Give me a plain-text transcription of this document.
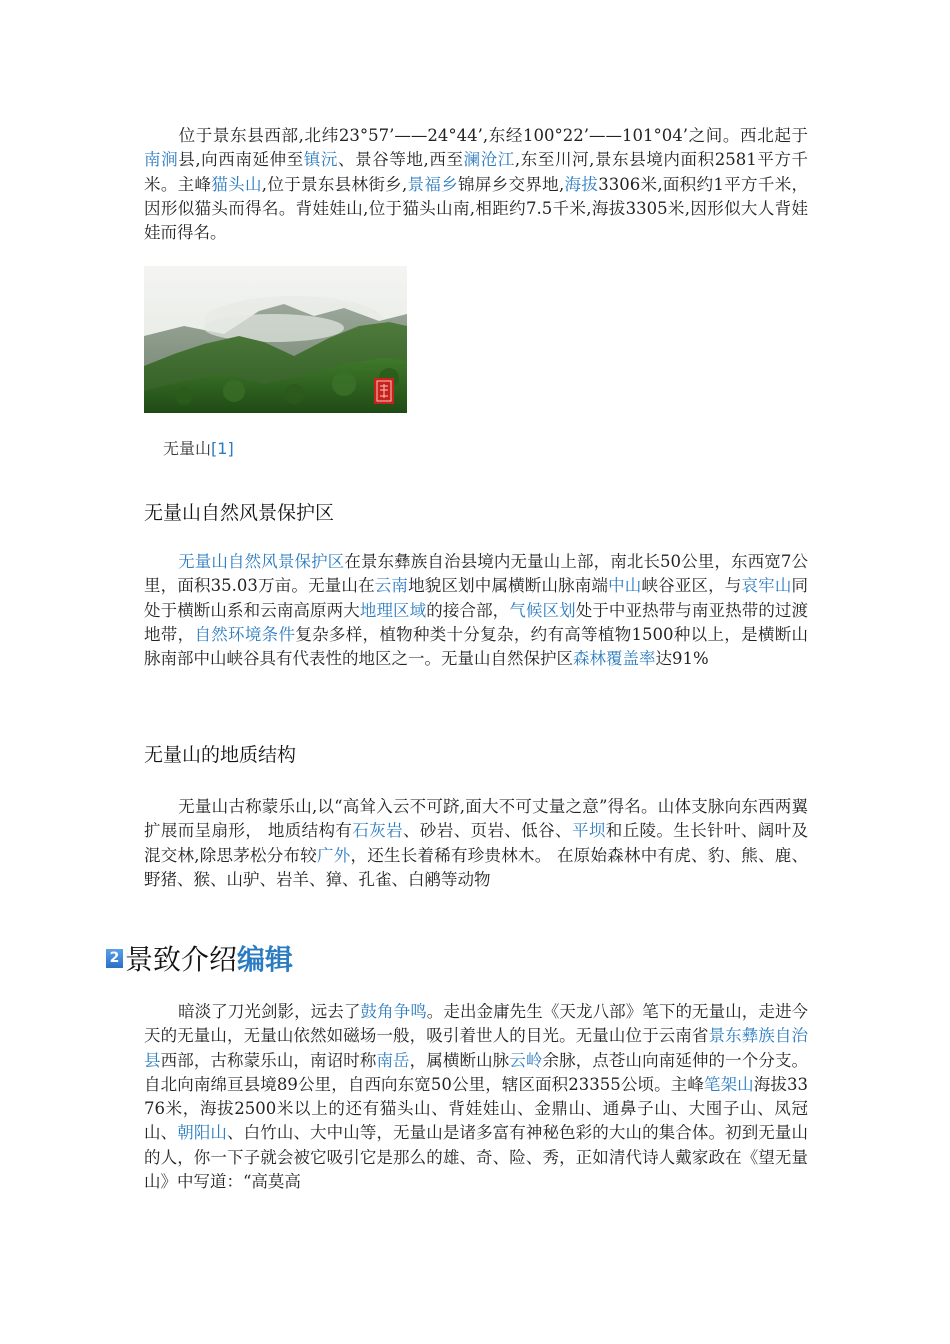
位于景东县西部,北纬23°57’——24°44’,东经100°22’——101°04’之间。西北起于南涧县,向西南延伸至镇沅、景谷等地,西至澜沧江,东至川河,景东县境内面积2581平方千米。主峰猫头山,位于景东县林街乡,景福乡锦屏乡交界地,海拔3306米,面积约1平方千米，因形似猫头而得名。背娃娃山,位于猫头山南,相距约7.5千米,海拔3305米,因形似大人背娃娃而得名。

无量山[1]
无量山自然风景保护区

无量山自然风景保护区在景东彝族自治县境内无量山上部，南北长50公里，东西宽7公里，面积35.03万亩。无量山在云南地貌区划中属横断山脉南端中山峡谷亚区，与哀牢山同处于横断山系和云南高原两大地理区域的接合部，气候区划处于中亚热带与南亚热带的过渡地带，自然环境条件复杂多样，植物种类十分复杂，约有高等植物1500种以上，是横断山脉南部中山峡谷具有代表性的地区之一。无量山自然保护区森林覆盖率达91%

无量山的地质结构

无量山古称蒙乐山,以“高耸入云不可跻,面大不可丈量之意”得名。山体支脉向东西两翼扩展而呈扇形， 地质结构有石灰岩、砂岩、页岩、低谷、平坝和丘陵。生长针叶、阔叶及混交林,除思茅松分布较广外，还生长着稀有珍贵林木。 在原始森林中有虎、豹、熊、鹿、野猪、猴、山驴、岩羊、獐、孔雀、白鹇等动物

2 景致介绍 编辑

暗淡了刀光剑影，远去了鼓角争鸣。走出金庸先生《天龙八部》笔下的无量山，走进今天的无量山，无量山依然如磁场一般，吸引着世人的目光。无量山位于云南省景东彝族自治县西部，古称蒙乐山，南诏时称南岳，属横断山脉云岭余脉，点苍山向南延伸的一个分支。自北向南绵亘县境89公里，自西向东宽50公里，辖区面积23355公顷。主峰笔架山海拔3376米，海拔2500米以上的还有猫头山、背娃娃山、金鼎山、通鼻子山、大囤子山、凤冠山、朝阳山、白竹山、大中山等，无量山是诸多富有神秘色彩的大山的集合体。初到无量山的人，你一下子就会被它吸引它是那么的雄、奇、险、秀，正如清代诗人戴家政在《望无量山》中写道：“高莫高
